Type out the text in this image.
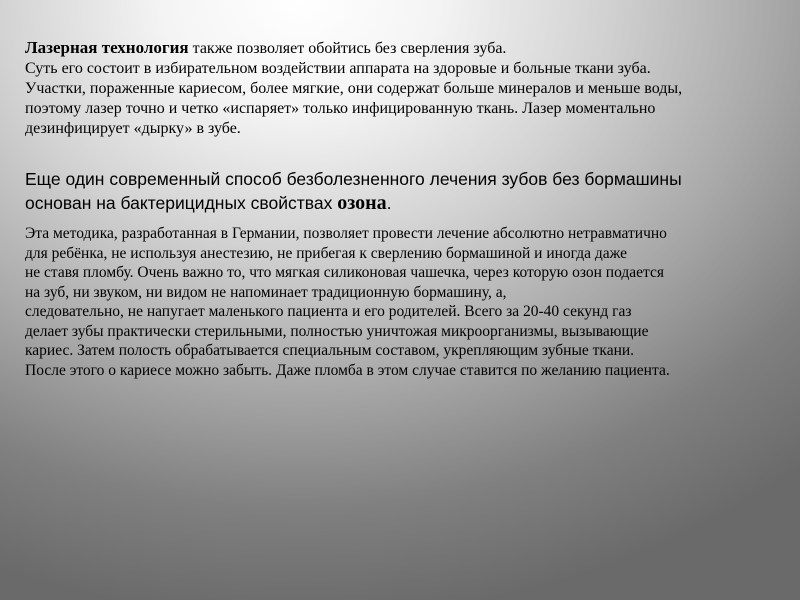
Лазерная технология также позволяет обойтись без сверления зуба.
Суть его состоит в избирательном воздействии аппарата на здоровые и больные ткани зуба.
Участки, пораженные кариесом, более мягкие, они содержат больше минералов и меньше воды,
поэтому лазер точно и четко «испаряет» только инфицированную ткань. Лазер моментально
дезинфицирует «дырку» в зубе.
Еще один современный способ безболезненного лечения зубов без бормашины
основан на бактерицидных свойствах озона.
Эта методика, разработанная в Германии, позволяет провести лечение абсолютно нетравматично
для ребёнка, не используя анестезию, не прибегая к сверлению бормашиной и иногда даже
не ставя пломбу. Очень важно то, что мягкая силиконовая чашечка, через которую озон подается
на зуб, ни звуком, ни видом не напоминает традиционную бормашину, а,
следовательно, не напугает маленького пациента и его родителей. Всего за 20-40 секунд газ
делает зубы практически стерильными, полностью уничтожая микроорганизмы, вызывающие
кариес. Затем полость обрабатывается специальным составом, укрепляющим зубные ткани.
После этого о кариесе можно забыть. Даже пломба в этом случае ставится по желанию пациента.
